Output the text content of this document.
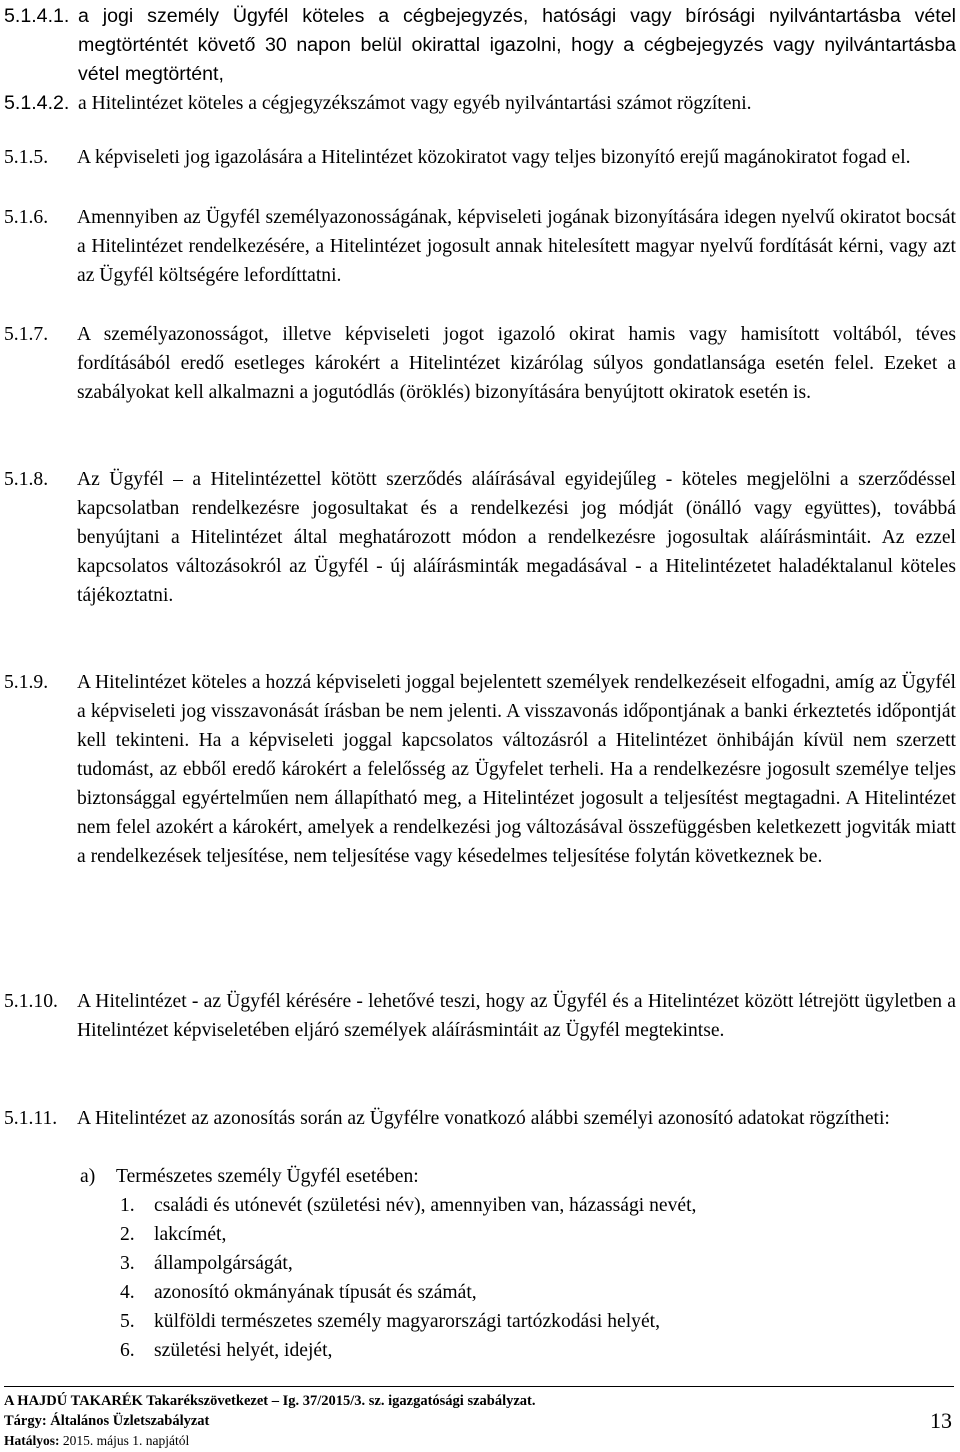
5.1.4.1. a jogi személy Ügyfél köteles a cégbejegyzés, hatósági vagy bírósági nyilvántartásba vétel megtörténtét követő 30 napon belül okirattal igazolni, hogy a cégbejegyzés vagy nyilvántartásba vétel megtörtént,
5.1.4.2. a Hitelintézet köteles a cégjegyzékszámot vagy egyéb nyilvántartási számot rögzíteni.
5.1.5. A képviseleti jog igazolására a Hitelintézet közokiratot vagy teljes bizonyító erejű magánokiratot fogad el.
5.1.6. Amennyiben az Ügyfél személyazonosságának, képviseleti jogának bizonyítására idegen nyelvű okiratot bocsát a Hitelintézet rendelkezésére, a Hitelintézet jogosult annak hitelesített magyar nyelvű fordítását kérni, vagy azt az Ügyfél költségére lefordíttatni.
5.1.7. A személyazonosságot, illetve képviseleti jogot igazoló okirat hamis vagy hamisított voltából, téves fordításából eredő esetleges károkért a Hitelintézet kizárólag súlyos gondatlansága esetén felel. Ezeket a szabályokat kell alkalmazni a jogutódlás (öröklés) bizonyítására benyújtott okiratok esetén is.
5.1.8. Az Ügyfél – a Hitelintézettel kötött szerződés aláírásával egyidejűleg - köteles megjelölni a szerződéssel kapcsolatban rendelkezésre jogosultakat és a rendelkezési jog módját (önálló vagy együttes), továbbá benyújtani a Hitelintézet által meghatározott módon a rendelkezésre jogosultak aláírásmintáit. Az ezzel kapcsolatos változásokról az Ügyfél - új aláírásminták megadásával - a Hitelintézetet haladéktalanul köteles tájékoztatni.
5.1.9. A Hitelintézet köteles a hozzá képviseleti joggal bejelentett személyek rendelkezéseit elfogadni, amíg az Ügyfél a képviseleti jog visszavonását írásban be nem jelenti. A visszavonás időpontjának a banki érkeztetés időpontját kell tekinteni. Ha a képviseleti joggal kapcsolatos változásról a Hitelintézet önhibáján kívül nem szerzett tudomást, az ebből eredő károkért a felelősség az Ügyfelet terheli. Ha a rendelkezésre jogosult személye teljes biztonsággal egyértelműen nem állapítható meg, a Hitelintézet jogosult a teljesítést megtagadni. A Hitelintézet nem felel azokért a károkért, amelyek a rendelkezési jog változásával összefüggésben keletkezett jogviták miatt a rendelkezések teljesítése, nem teljesítése vagy késedelmes teljesítése folytán következnek be.
5.1.10. A Hitelintézet - az Ügyfél kérésére - lehetővé teszi, hogy az Ügyfél és a Hitelintézet között létrejött ügyletben a Hitelintézet képviseletében eljáró személyek aláírásmintáit az Ügyfél megtekintse.
5.1.11. A Hitelintézet az azonosítás során az Ügyfélre vonatkozó alábbi személyi azonosító adatokat rögzítheti:
a) Természetes személy Ügyfél esetében:
1. családi és utónevét (születési név), amennyiben van, házassági nevét,
2. lakcímét,
3. állampolgárságát,
4. azonosító okmányának típusát és számát,
5. külföldi természetes személy magyarországi tartózkodási helyét,
6. születési helyét, idejét,
A HAJDÚ TAKARÉK Takarékszövetkezet – Ig. 37/2015/3. sz. igazgatósági szabályzat.
Tárgy: Általános Üzletszabályzat
Hatályos: 2015. május 1. napjától
13
